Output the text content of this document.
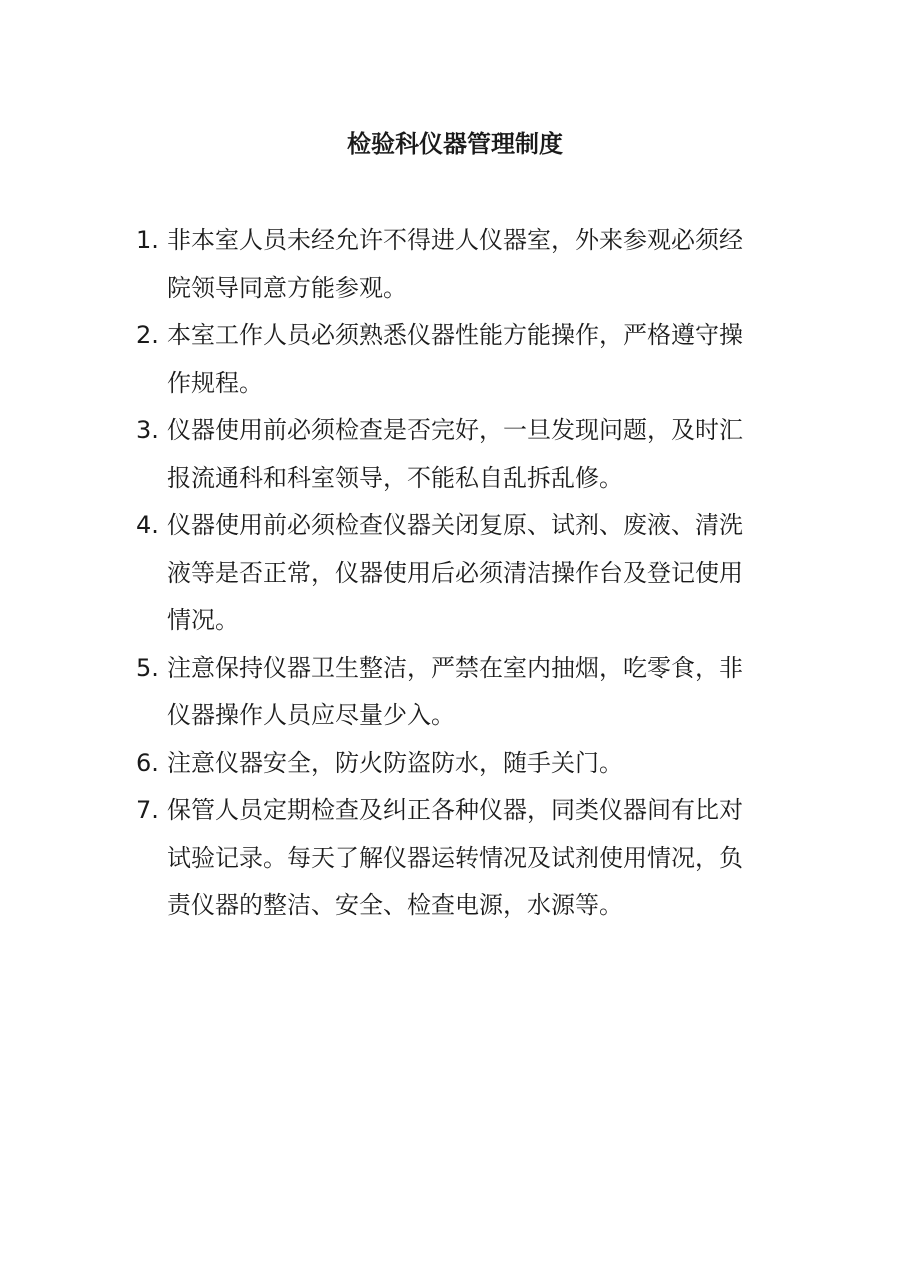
检验科仪器管理制度
1. 非本室人员未经允许不得进人仪器室，外来参观必须经
院领导同意方能参观。
2. 本室工作人员必须熟悉仪器性能方能操作，严格遵守操
作规程。
3. 仪器使用前必须检查是否完好，一旦发现问题，及时汇
报流通科和科室领导，不能私自乱拆乱修。
4. 仪器使用前必须检查仪器关闭复原、试剂、废液、清洗
液等是否正常，仪器使用后必须清洁操作台及登记使用
情况。
5. 注意保持仪器卫生整洁，严禁在室内抽烟，吃零食，非
仪器操作人员应尽量少入。
6. 注意仪器安全，防火防盗防水，随手关门。
7. 保管人员定期检查及纠正各种仪器，同类仪器间有比对
试验记录。每天了解仪器运转情况及试剂使用情况，负
责仪器的整洁、安全、检查电源，水源等。
